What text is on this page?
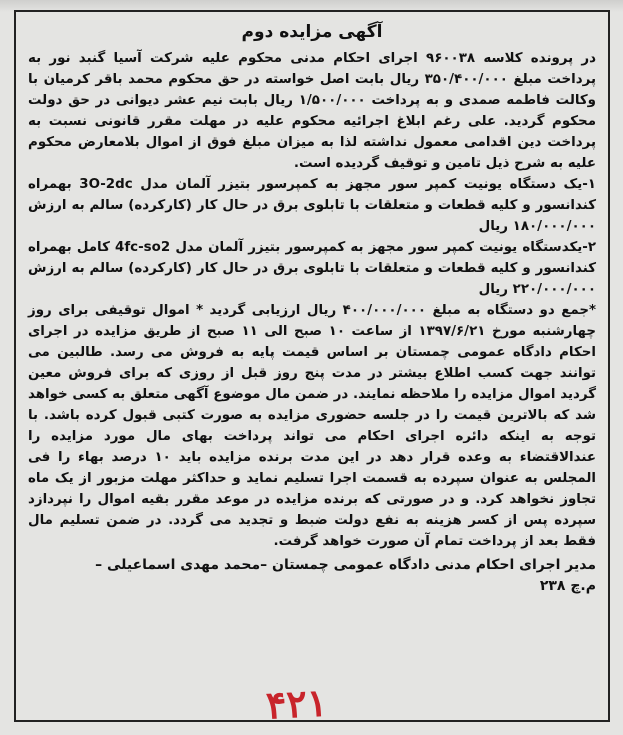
آگهی مزایده دوم

در پرونده کلاسه ۹۶۰۰۳۸ اجرای احکام مدنی محکوم علیه شرکت آسیا گنبد نور به پرداخت مبلغ ۳۵۰/۴۰۰/۰۰۰ ریال بابت اصل خواسته در حق محکوم محمد باقر کرمیان با وکالت فاطمه صمدی و به پرداخت ۱/۵۰۰/۰۰۰ ریال بابت نیم عشر دیوانی در حق دولت محکوم گردید. علی رغم ابلاغ اجرائیه محکوم علیه در مهلت مقرر قانونی نسبت به پرداخت دین اقدامی معمول نداشته لذا به میزان مبلغ فوق از اموال بلامعارض محکوم علیه به شرح ذیل تامین و توقیف گردیده است.

۱-یک دستگاه یونیت کمپر سور مجهز به کمپرسور بتیزر آلمان مدل 3O-2dc بهمراه کندانسور و کلیه قطعات و متعلقات با تابلوی برق در حال کار (کارکرده) سالم به ارزش ۱۸۰/۰۰۰/۰۰۰ ریال

۲-یکدستگاه یونیت کمپر سور مجهز به کمپرسور بتیزر آلمان مدل 4fc-so2 کامل بهمراه کندانسور و کلیه قطعات و متعلقات با تابلوی برق در حال کار (کارکرده) سالم به ارزش ۲۲۰/۰۰۰/۰۰۰ ریال

*جمع دو دستگاه به مبلغ ۴۰۰/۰۰۰/۰۰۰ ریال ارزیابی گردید * اموال توقیفی برای روز چهارشنبه مورخ ۱۳۹۷/۶/۲۱ از ساعت ۱۰ صبح الی ۱۱ صبح از طریق مزایده در اجرای احکام دادگاه عمومی چمستان بر اساس قیمت پایه به فروش می رسد. طالبین می توانند جهت کسب اطلاع بیشتر در مدت پنج روز قبل از روزی که برای فروش معین گردید اموال مزایده را ملاحظه نمایند. در ضمن مال موضوع آگهی متعلق به کسی خواهد شد که بالاترین قیمت را در جلسه حضوری مزایده به صورت کتبی قبول کرده باشد. با توجه به اینکه دائره اجرای احکام می تواند پرداخت بهای مال مورد مزایده را عندالاقتضاء به وعده قرار دهد در این مدت برنده مزایده باید ۱۰ درصد بهاء را فی المجلس به عنوان سپرده به قسمت اجرا تسلیم نماید و حداکثر مهلت مزبور از یک ماه تجاوز نخواهد کرد. و در صورتی که برنده مزایده در موعد مقرر بقیه اموال را نپردازد سپرده پس از کسر هزینه به نفع دولت ضبط و تجدید می گردد. در ضمن تسلیم مال فقط بعد از پرداخت تمام آن صورت خواهد گرفت.

مدیر اجرای احکام مدنی دادگاه عمومی چمستان –محمد مهدی اسماعیلی –
م.چ ۲۳۸
۴۲۱
